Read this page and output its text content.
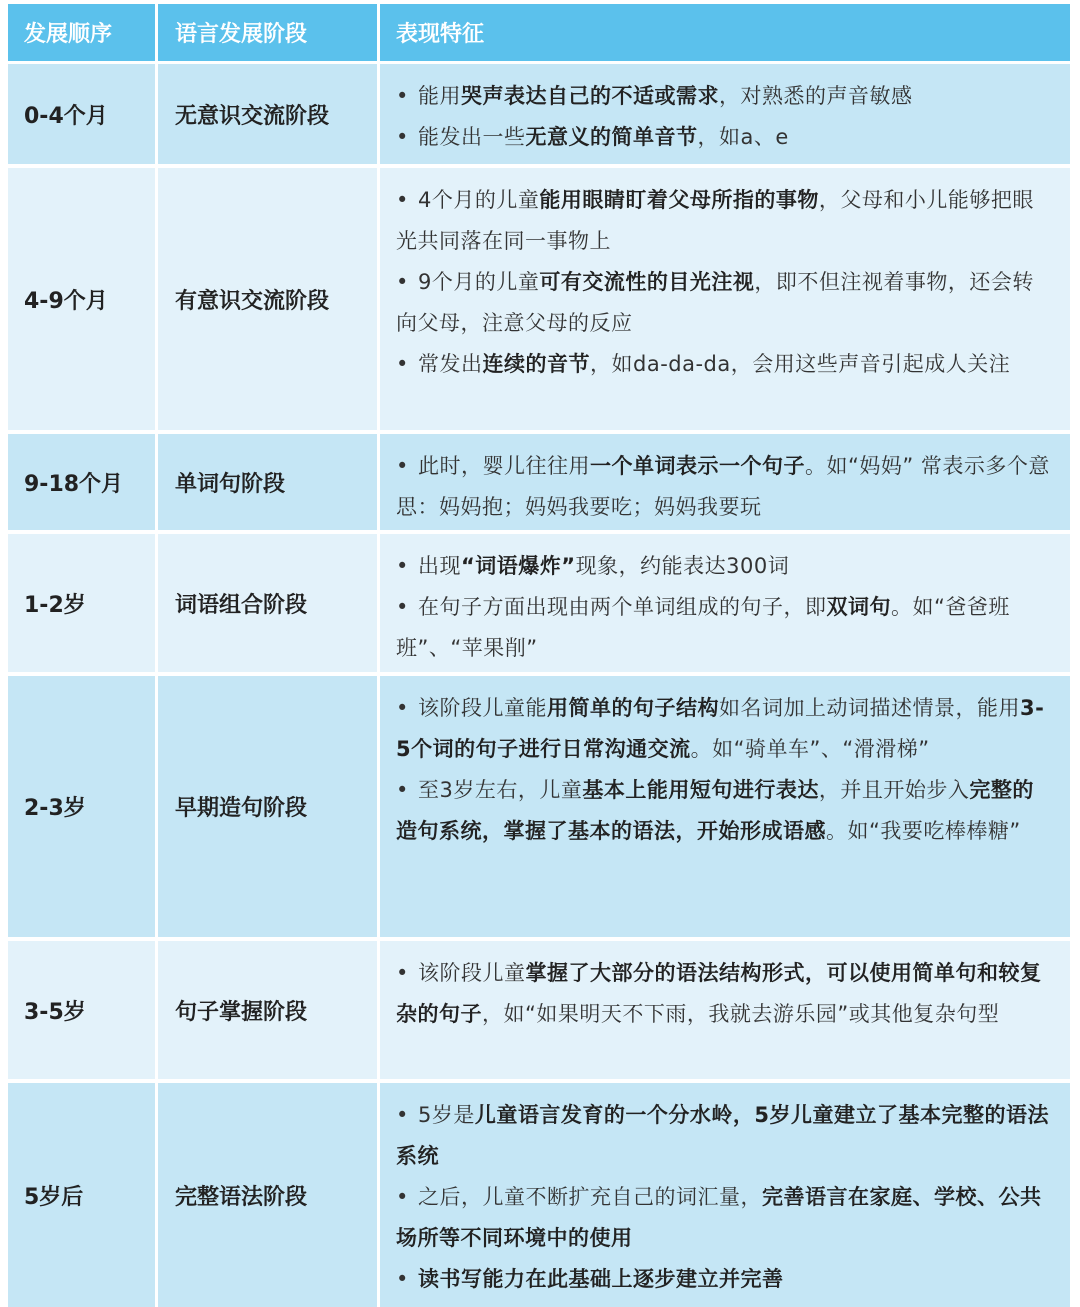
发展顺序	语言发展阶段	表现特征
0-4个月	无意识交流阶段
• 能用哭声表达自己的不适或需求，对熟悉的声音敏感
• 能发出一些无意义的简单音节，如a、e
4-9个月	有意识交流阶段
• 4个月的儿童能用眼睛盯着父母所指的事物，父母和小儿能够把眼光共同落在同一事物上
• 9个月的儿童可有交流性的目光注视，即不但注视着事物，还会转向父母，注意父母的反应
• 常发出连续的音节，如da-da-da，会用这些声音引起成人关注
9-18个月	单词句阶段
• 此时，婴儿往往用一个单词表示一个句子。如“妈妈” 常表示多个意思：妈妈抱；妈妈我要吃；妈妈我要玩
1-2岁	词语组合阶段
• 出现“词语爆炸”现象，约能表达300词
• 在句子方面出现由两个单词组成的句子，即双词句。如“爸爸班班”、“苹果削”
2-3岁	早期造句阶段
• 该阶段儿童能用简单的句子结构如名词加上动词描述情景，能用3-5个词的句子进行日常沟通交流。如“骑单车”、“滑滑梯”
• 至3岁左右，儿童基本上能用短句进行表达，并且开始步入完整的造句系统，掌握了基本的语法，开始形成语感。如“我要吃棒棒糖”
3-5岁	句子掌握阶段
• 该阶段儿童掌握了大部分的语法结构形式，可以使用简单句和较复杂的句子，如“如果明天不下雨，我就去游乐园”或其他复杂句型
5岁后	完整语法阶段
• 5岁是儿童语言发育的一个分水岭，5岁儿童建立了基本完整的语法系统
• 之后，儿童不断扩充自己的词汇量，完善语言在家庭、学校、公共场所等不同环境中的使用
• 读书写能力在此基础上逐步建立并完善
